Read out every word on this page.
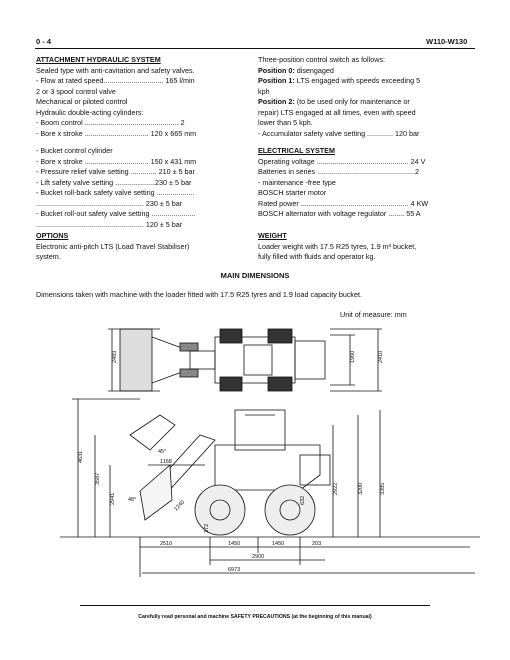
0 - 4	W110-W130
ATTACHMENT HYDRAULIC SYSTEM
Sealed type with anti-cavitation and safety valves.
- Flow at rated speed.............................. 165 l/min
2 or 3 spool control valve
Mechanical or piloted control
Hydraulic double-acting cylinders:
- Boom control ............................................... 2
- Bore x stroke ................................ 120 x 665 mm
- Bucket control cylinder
- Bore x stroke ................................ 150 x 431 mm
- Pressure relief valve setting ............. 210 ± 5 bar
- Lift safety valve setting ....................230 ± 5 bar
- Bucket roll-back safety valve setting ...................
...................................................... 230 ± 5 bar
- Bucket roll-out safety valve setting ......................
...................................................... 120 ± 5 bar
Three-position control switch as follows:
Position 0: disengaged
Position 1: LTS engaged with speeds exceeding 5
kph
Position 2: (to be used only for maintenance or
repair) LTS engaged at all times, even with speed
lower than 5 kph.
- Accumulator safety valve setting ............. 120 bar
ELECTRICAL SYSTEM
Operating voltage .............................................. 24 V
Batteries in series .................................................2
- maintenance -free type
BOSCH starter motor
Rated power ...................................................... 4 KW
BOSCH alternator with voltage regulator ........ 55 A
OPTIONS
Electronic anti-pitch LTS (Load Travel Stabiliser)
system.
WEIGHT
Loader weight with 17.5 R25 tyres, 1.9 m³ bucket,
fully filled with fluids and operator kg.
MAIN DIMENSIONS
Dimensions taken with machine with the loader fitted with 17.5 R25 tyres and 1.9 load capacity bucket.
Unit of measure: mm
2483	1960	2410
4631
3587
2941
2922	3200	3385
45°
48°
1168
2510	1450	1450	203
2900
6973
1240
372
632
Carefully read personal and machine SAFETY PRECAUTIONS (at the beginning of this manual)
